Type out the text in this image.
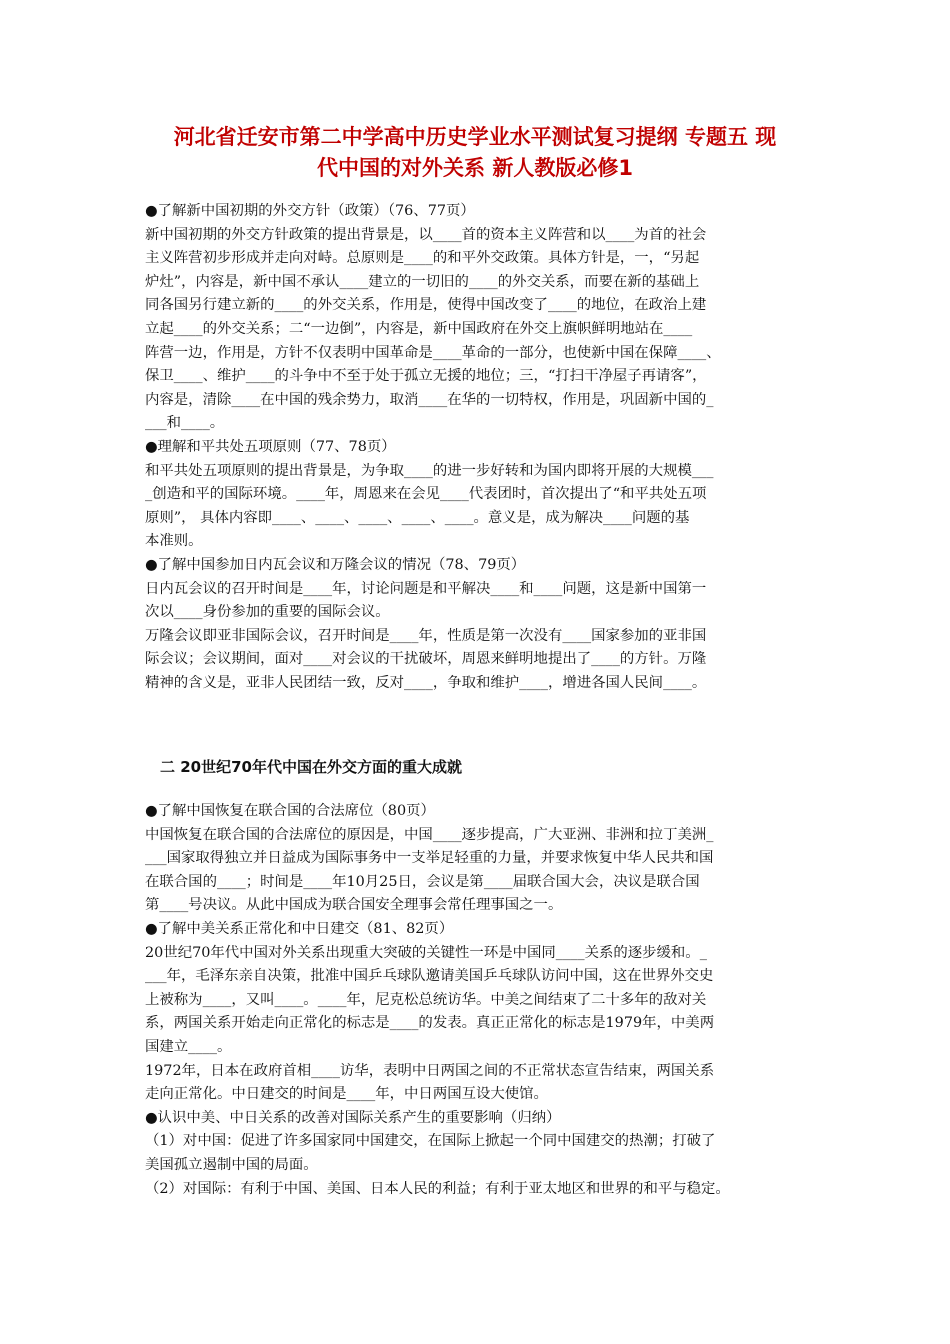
河北省迁安市第二中学高中历史学业水平测试复习提纲 专题五 现
代中国的对外关系 新人教版必修1
●了解新中国初期的外交方针（政策）（76、77页）
新中国初期的外交方针政策的提出背景是，以____首的资本主义阵营和以____为首的社会
主义阵营初步形成并走向对峙。总原则是____的和平外交政策。具体方针是，一，“另起
炉灶”，内容是，新中国不承认____建立的一切旧的____的外交关系，而要在新的基础上
同各国另行建立新的____的外交关系，作用是，使得中国改变了____的地位，在政治上建
立起____的外交关系；二“一边倒”，内容是，新中国政府在外交上旗帜鲜明地站在____
阵营一边，作用是，方针不仅表明中国革命是____革命的一部分，也使新中国在保障____、
保卫____、维护____的斗争中不至于处于孤立无援的地位；三，“打扫干净屋子再请客”，
内容是，清除____在中国的残余势力，取消____在华的一切特权，作用是，巩固新中国的_
___和____。
●理解和平共处五项原则（77、78页）
和平共处五项原则的提出背景是，为争取____的进一步好转和为国内即将开展的大规模___
_创造和平的国际环境。____年，周恩来在会见____代表团时，首次提出了“和平共处五项
原则”， 具体内容即____、____、____、____、____。意义是，成为解决____问题的基
本准则。
●了解中国参加日内瓦会议和万隆会议的情况（78、79页）
日内瓦会议的召开时间是____年，讨论问题是和平解决____和____问题，这是新中国第一
次以____身份参加的重要的国际会议。
万隆会议即亚非国际会议，召开时间是____年，性质是第一次没有____国家参加的亚非国
际会议；会议期间，面对____对会议的干扰破坏，周恩来鲜明地提出了____的方针。万隆
精神的含义是，亚非人民团结一致，反对____，争取和维护____，增进各国人民间____。
二 20世纪70年代中国在外交方面的重大成就
●了解中国恢复在联合国的合法席位（80页）
中国恢复在联合国的合法席位的原因是，中国____逐步提高，广大亚洲、非洲和拉丁美洲_
___国家取得独立并日益成为国际事务中一支举足轻重的力量，并要求恢复中华人民共和国
在联合国的____；时间是____年10月25日，会议是第____届联合国大会，决议是联合国
第____号决议。从此中国成为联合国安全理事会常任理事国之一。
●了解中美关系正常化和中日建交（81、82页）
20世纪70年代中国对外关系出现重大突破的关键性一环是中国同____关系的逐步缓和。_
___年，毛泽东亲自决策，批准中国乒乓球队邀请美国乒乓球队访问中国，这在世界外交史
上被称为____，又叫____。____年，尼克松总统访华。中美之间结束了二十多年的敌对关
系，两国关系开始走向正常化的标志是____的发表。真正正常化的标志是1979年，中美两
国建立____。
1972年，日本在政府首相____访华，表明中日两国之间的不正常状态宣告结束，两国关系
走向正常化。中日建交的时间是____年，中日两国互设大使馆。
●认识中美、中日关系的改善对国际关系产生的重要影响（归纳）
（1）对中国：促进了许多国家同中国建交，在国际上掀起一个同中国建交的热潮；打破了
美国孤立遏制中国的局面。
（2）对国际：有利于中国、美国、日本人民的利益；有利于亚太地区和世界的和平与稳定。
